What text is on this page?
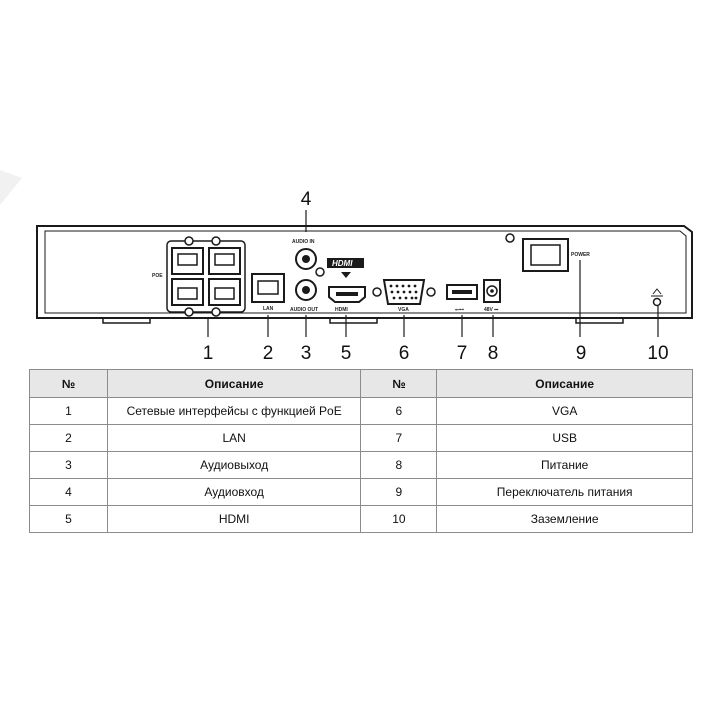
POE
LAN
AUDIO IN
AUDIO OUT
HDMI
HDMI	VGA	⭠⊷	48V ⎓
POWER
1	2 3
4
5 6 7 8	9	10
№	Описание	№	Описание
1	Сетевые интерфейсы с функцией PoE	6	VGA
2	LAN	7	USB
3	Аудиовыход	8	Питание
4	Аудиовход	9	Переключатель питания
5	HDMI	10	Заземление
